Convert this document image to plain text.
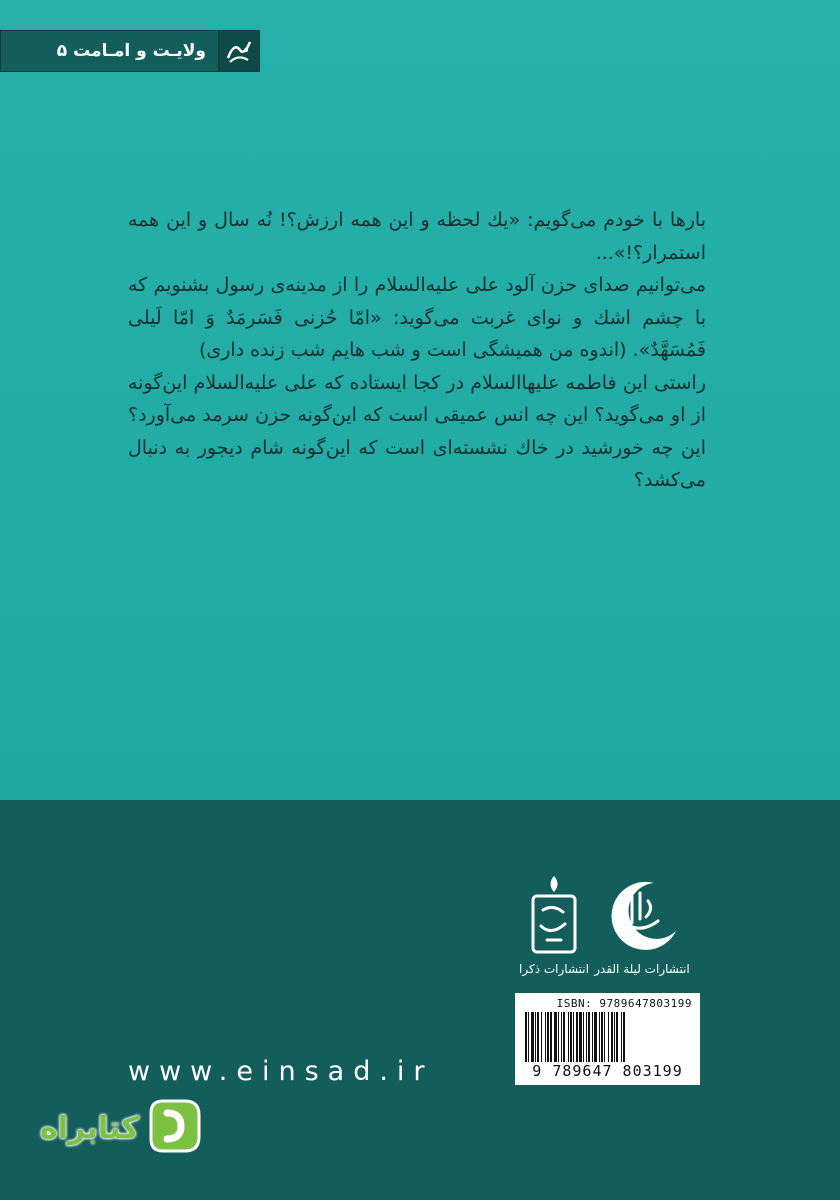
ولایـت و امـامت ۵

بارها با خودم می‌گویم: «یك لحظه و این همه ارزش؟! نُه سال و این همه استمرار؟!»...

می‌توانیم صدای حزن آلود علی علیه‌السلام را از مدینه‌ی رسول بشنویم که با چشم اشك و نوای غربت می‌گوید: «امّا حُزنی فَسَرمَدٌ وَ امّا لَیلی فَمُسَهَّدٌ». (اندوه من همیشگی است و شب هایم شب زنده داری)

راستی این فاطمه علیهاالسلام در کجا ایستاده که علی علیه‌السلام این‌گونه از او می‌گوید؟ این چه انس عمیقی است که این‌گونه حزن سرمد می‌آورد؟ این چه خورشید در خاك نشسته‌ای است که این‌گونه شام دیجور به دنبال می‌کشد؟

انتشارات لیلة القدر
انتشارات ذکرا
ISBN: 9789647803199
9 789647 803199
www.einsad.ir
کتابراه
